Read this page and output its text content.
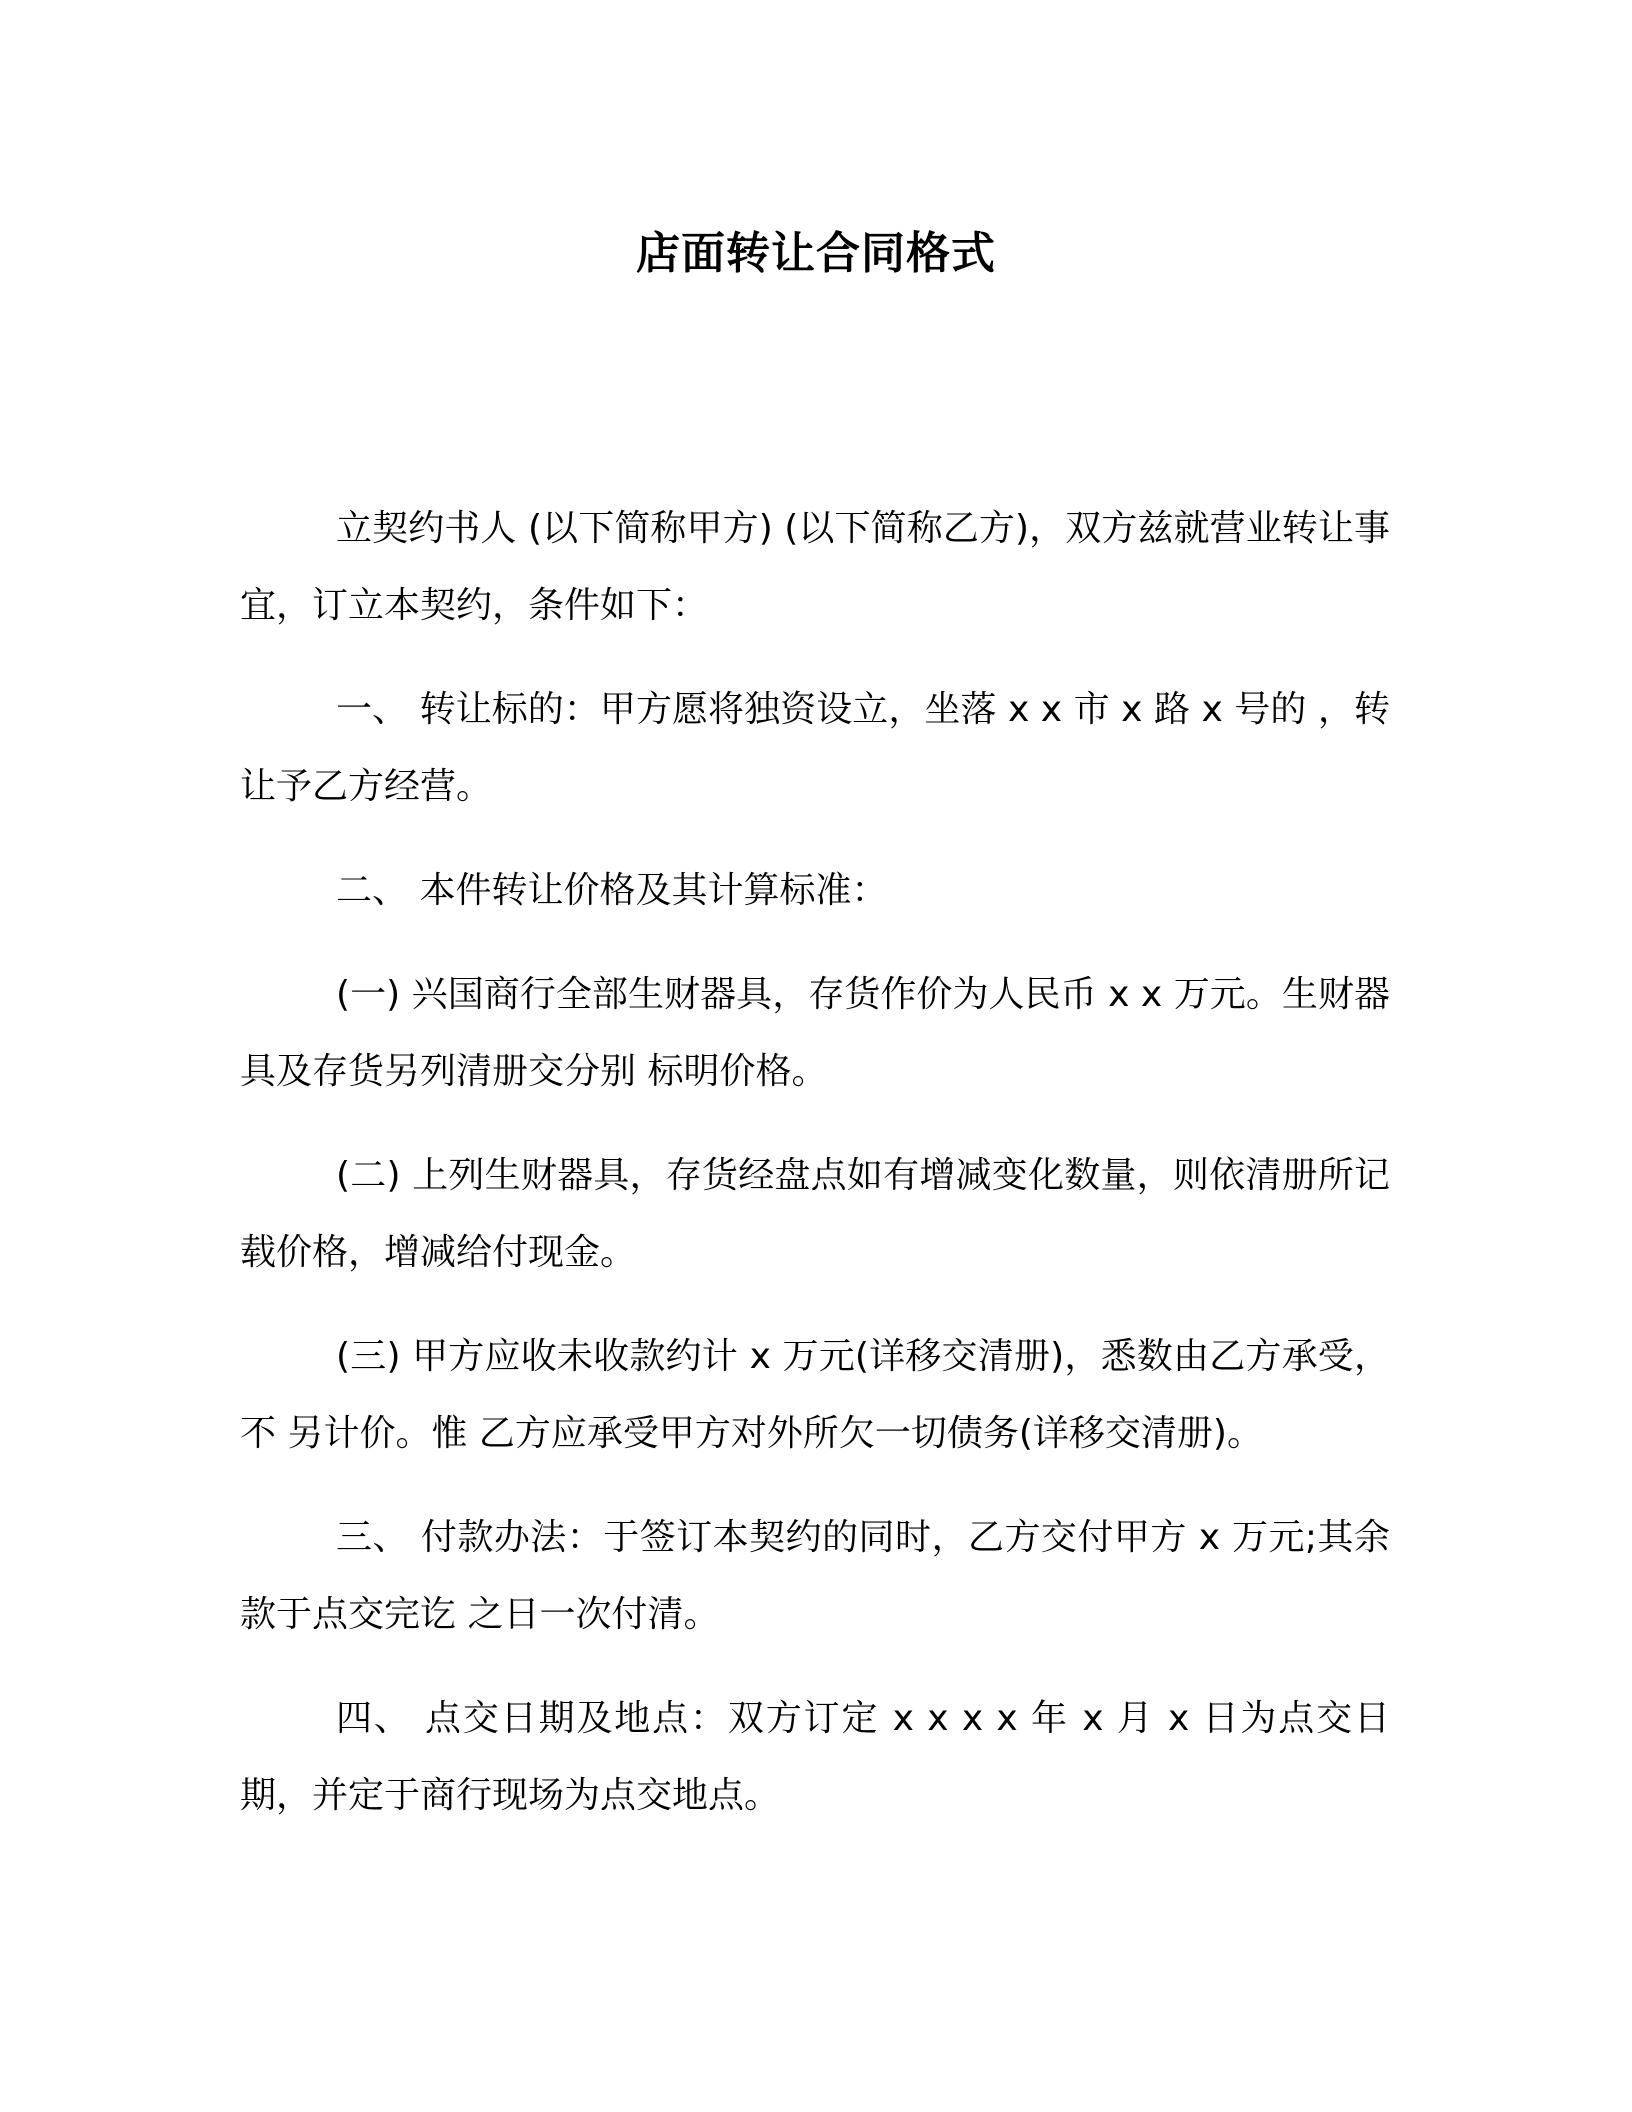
店面转让合同格式

立契约书人 (以下简称甲方) (以下简称乙方)，双方兹就营业转让事宜，订立本契约，条件如下：

一、 转让标的：甲方愿将独资设立，坐落 x x 市 x 路 x 号的 ，转让予乙方经营。

二、 本件转让价格及其计算标准：

(一) 兴国商行全部生财器具，存货作价为人民币 x x 万元。生财器具及存货另列清册交分别 标明价格。

(二) 上列生财器具，存货经盘点如有增减变化数量，则依清册所记载价格，增减给付现金。

(三) 甲方应收未收款约计 x 万元(详移交清册)，悉数由乙方承受，不 另计价。惟 乙方应承受甲方对外所欠一切债务(详移交清册)。

三、 付款办法：于签订本契约的同时，乙方交付甲方 x 万元;其余款于点交完讫 之日一次付清。

四、 点交日期及地点：双方订定 x x x x 年 x 月 x 日为点交日期，并定于商行现场为点交地点。
